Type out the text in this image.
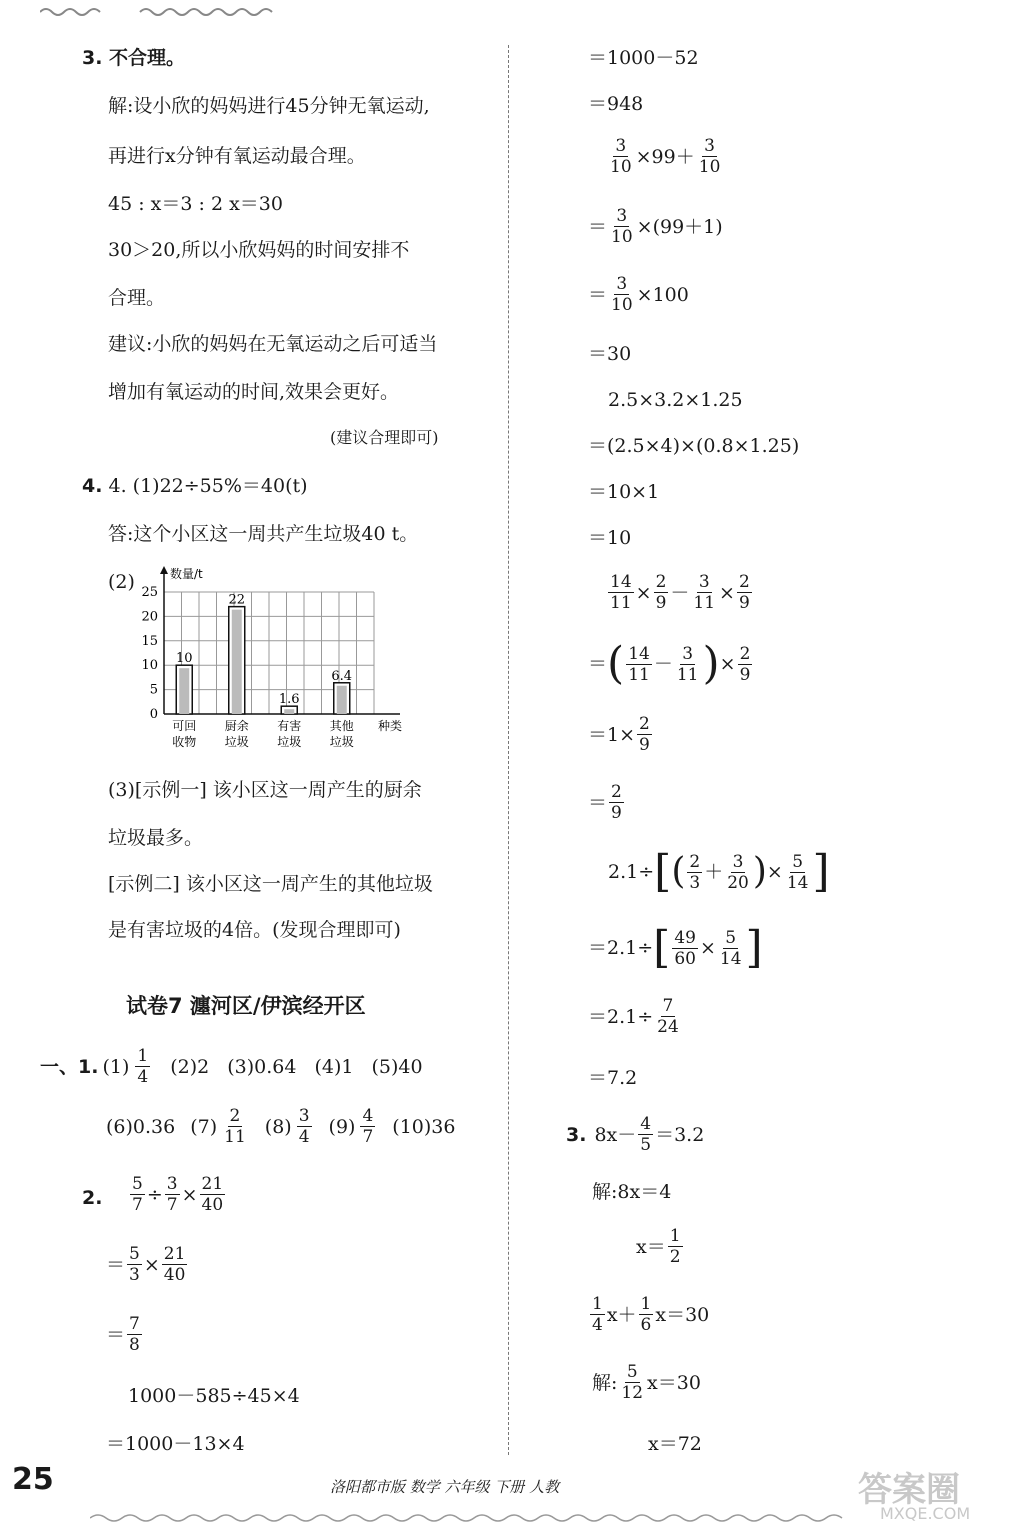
3. 不合理。
解:设小欣的妈妈进行45分钟无氧运动,
再进行x分钟有氧运动最合理。
45 : x＝3 : 2 x＝30
30＞20,所以小欣妈妈的时间安排不
合理。
建议:小欣的妈妈在无氧运动之后可适当
增加有氧运动的时间,效果会更好。
(建议合理即可)
4. 4. (1)22÷55%＝40(t)
答:这个小区这一周共产生垃圾40 t。
(2)
0
5
10
15
20
25
数量/t
10
可回
收物
22
厨余
垃圾
1.6
有害
垃圾
6.4
其他
垃圾
种类
(3)[示例一] 该小区这一周产生的厨余
垃圾最多。
[示例二] 该小区这一周产生的其他垃圾
是有害垃圾的4倍。(发现合理即可)
试卷7 瀍河区/伊滨经开区
一、1. $(1) \frac{1}{4} (2)2$ (3)0.64 (4)1 (5)40
(6)0.36 $(7) \frac{2}{11} (8) \frac{3}{4} (9) \frac{4}{7} (10)36$
2. $\frac{5}{7} \div \frac{3}{7} \times \frac{21}{40}$
＝ $\frac{5}{3} \times \frac{21}{40}$
＝ $\frac{7}{8}$
1000－585÷45×4
＝1000－13×4
＝1000－52
＝948
$\frac{3}{10} \times 99+ \frac{3}{10}$
＝ $\frac{3}{10} \times(99+1)$
＝ $\frac{3}{10} \times 100$
＝30
2.5×3.2×1.25
＝(2.5×4)×(0.8×1.25)
＝10×1
＝10
$\frac{14}{11} \times \frac{2}{9} - \frac{3}{11} \times \frac{2}{9}$
＝ ( $\frac{14}{11} - \frac{3}{11}$ ) × $\frac{2}{9}$
$=1\times \frac{2}{9}$
＝ $\frac{2}{9}$
2.1÷ [ ( $\frac{2}{3} + \frac{3}{20}$ ) × $\frac{5}{14}$ ]
＝2.1÷ [ $\frac{49}{60} \times \frac{5}{14}$ ]
$=2.1\div \frac{7}{24}$
＝7.2
3. $8x- \frac{4}{5} =3.2$
解:8x＝4
$x= \frac{1}{2}$
$\frac{1}{4} x+ \frac{1}{6} x=30$
解: $\frac{5}{12} x=30$
x＝72
25	洛阳都市版 数学 六年级 下册 人教	答案圈
MXQE.COM
